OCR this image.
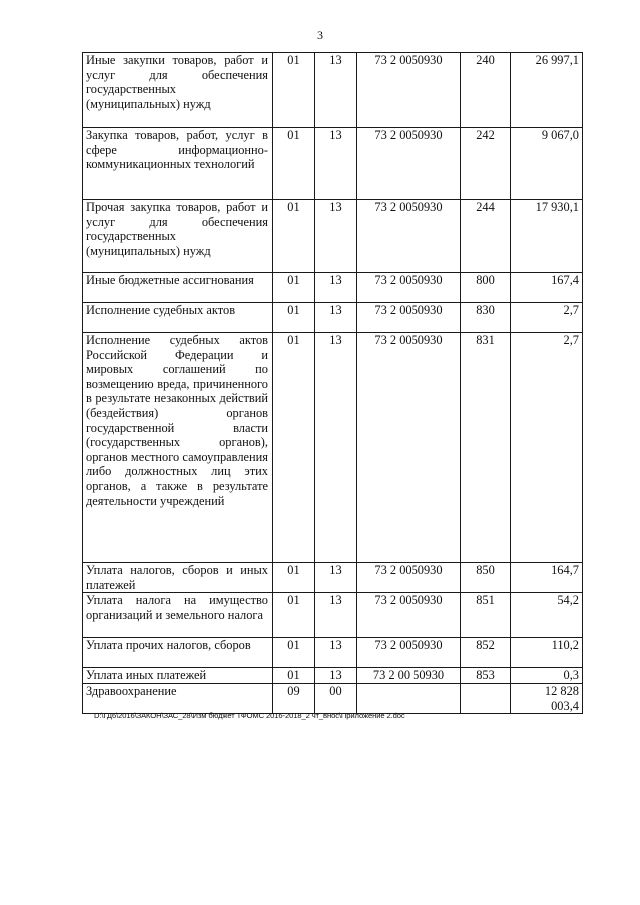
3
Иные закупки товаров, работ и услуг для обеспечения государственных (муниципальных) нужд	01	13	73 2 0050930	240	26 997,1
Закупка товаров, работ, услуг в сфере информационно-коммуникационных технологий	01	13	73 2 0050930	242	9 067,0
Прочая закупка товаров, работ и услуг для обеспечения государственных (муниципальных) нужд	01	13	73 2 0050930	244	17 930,1
Иные бюджетные ассигнования	01	13	73 2 0050930	800	167,4
Исполнение судебных актов	01	13	73 2 0050930	830	2,7
Исполнение судебных актов Российской Федерации и мировых соглашений по возмещению вреда, причиненного в результате незаконных действий (бездействия) органов государственной власти (государственных органов), органов местного самоуправления либо должностных лиц этих органов, а также в результате деятельности учреждений	01	13	73 2 0050930	831	2,7
Уплата налогов, сборов и иных платежей	01	13	73 2 0050930	850	164,7
Уплата налога на имущество организаций и земельного налога	01	13	73 2 0050930	851	54,2
Уплата прочих налогов, сборов	01	13	73 2 0050930	852	110,2
Уплата иных платежей	01	13	73 2 00 50930	853	0,3
Здравоохранение	09	00			12 828 003,4
D:\ГД6\2016\ЗАКОН\ЗАС_28\Изм бюджет ТФОМС 2016-2018_2 чт_внос\Приложение 2.doc
